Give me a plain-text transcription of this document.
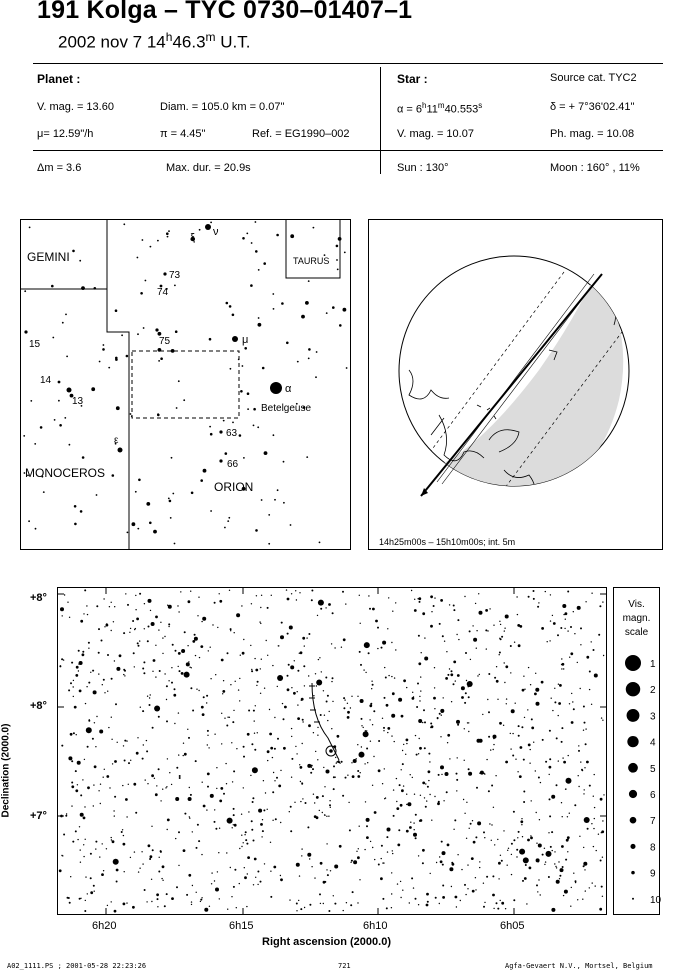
191 Kolga – TYC 0730–01407–1
2002 nov 7 14$^h$46.3$^m$ U.T.
Planet :
V. mag. = 13.60	Diam. = 105.0 km = 0.07"
μ= 12.59"/h	π = 4.45"	Ref. = EG1990–002
Star :	Source cat. TYC2
$\alpha = 6^h11^m40.553^s$	δ = + 7°36'02.41"
V. mag. = 10.07	Ph. mag. = 10.08
Δm = 3.6	Max. dur. = 20.9s	Sun : 130°	Moon : 160° , 11%
GEMINI	TAURUS
MONOCEROS
ORION
ν
ξ
73
74
75	μ
α
Betelgeuse
15
14
13
ε
63
66
14h25m00s – 15h10m00s; int. 5m
Declination (2000.0)
+8°
+8°
+7°
6h20	6h15	6h10	6h05
Right ascension (2000.0)
Vis.
magn.
scale
1
2
3
4
5
6
7
8
9
10
A02_1111.PS ; 2001-05-28 22:23:26	721	Agfa-Gevaert N.V., Mortsel, Belgium
